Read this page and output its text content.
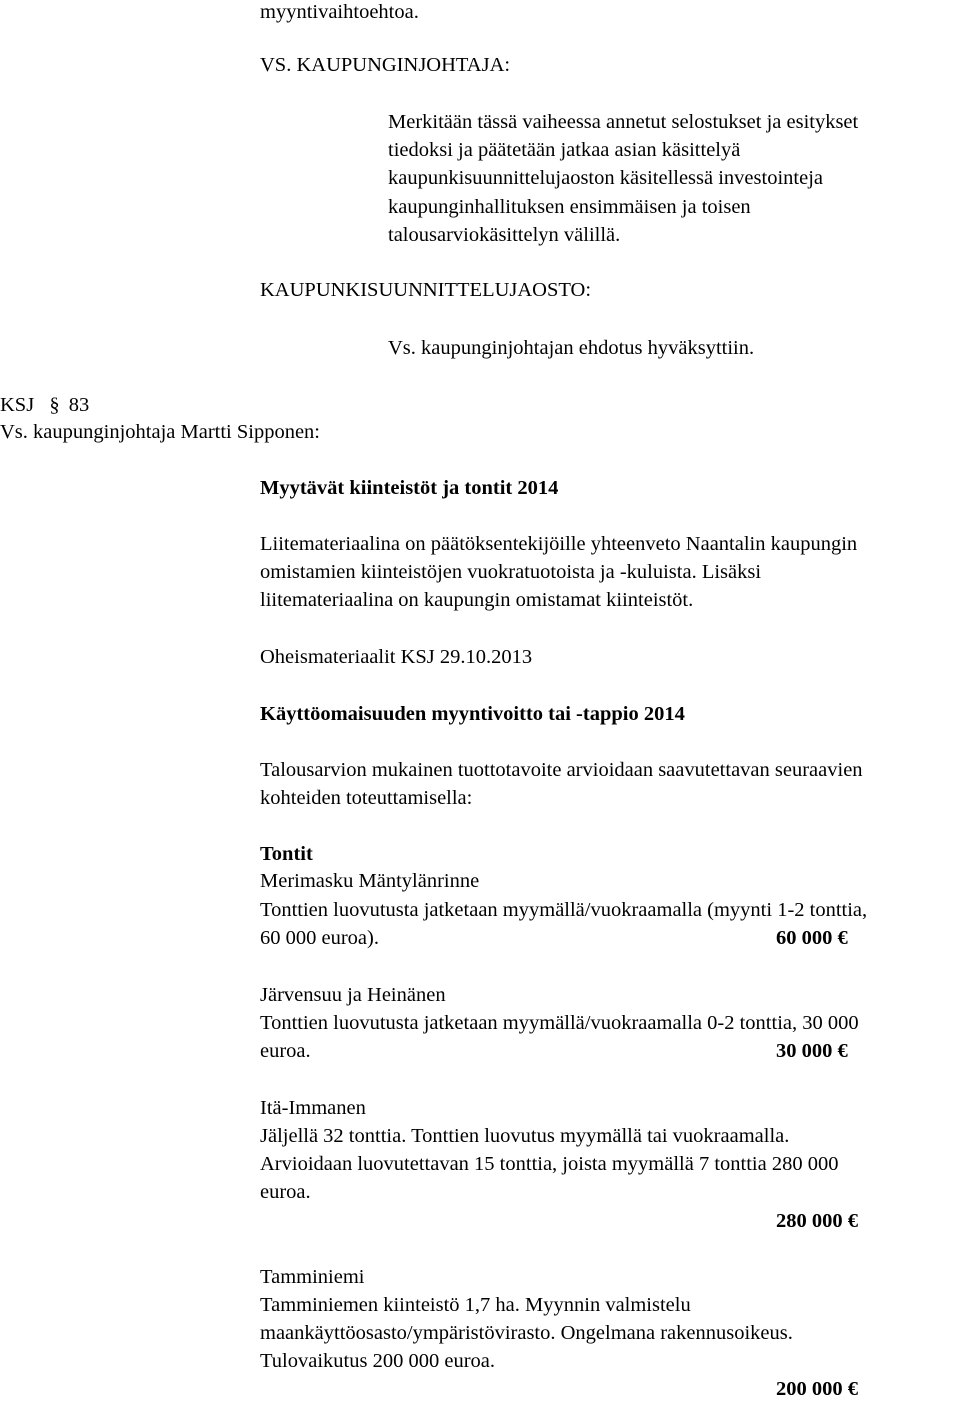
myyntivaihtoehtoa.
VS. KAUPUNGINJOHTAJA:
Merkitään tässä vaiheessa annetut selostukset ja esitykset
tiedoksi ja päätetään jatkaa asian käsittelyä
kaupunkisuunnittelujaoston käsitellessä investointeja
kaupunginhallituksen ensimmäisen ja toisen
talousarviokäsittelyn välillä.
KAUPUNKISUUNNITTELUJAOSTO:
Vs. kaupunginjohtajan ehdotus hyväksyttiin.
KSJ § 83
Vs. kaupunginjohtaja Martti Sipponen:
Myytävät kiinteistöt ja tontit 2014
Liitemateriaalina on päätöksentekijöille yhteenveto Naantalin kaupungin
omistamien kiinteistöjen vuokratuotoista ja -kuluista. Lisäksi
liitemateriaalina on kaupungin omistamat kiinteistöt.
Oheismateriaalit KSJ 29.10.2013
Käyttöomaisuuden myyntivoitto tai -tappio 2014
Talousarvion mukainen tuottotavoite arvioidaan saavutettavan seuraavien
kohteiden toteuttamisella:
Tontit
Merimasku Mäntylänrinne
Tonttien luovutusta jatketaan myymällä/vuokraamalla (myynti 1-2 tonttia,
60 000 euroa).	60 000 €
Järvensuu ja Heinänen
Tonttien luovutusta jatketaan myymällä/vuokraamalla 0-2 tonttia, 30 000
euroa.	30 000 €
Itä-Immanen
Jäljellä 32 tonttia. Tonttien luovutus myymällä tai vuokraamalla.
Arvioidaan luovutettavan 15 tonttia, joista myymällä 7 tonttia 280 000
euroa.
280 000 €
Tamminiemi
Tamminiemen kiinteistö 1,7 ha. Myynnin valmistelu
maankäyttöosasto/ympäristövirasto. Ongelmana rakennusoikeus.
Tulovaikutus 200 000 euroa.
200 000 €
